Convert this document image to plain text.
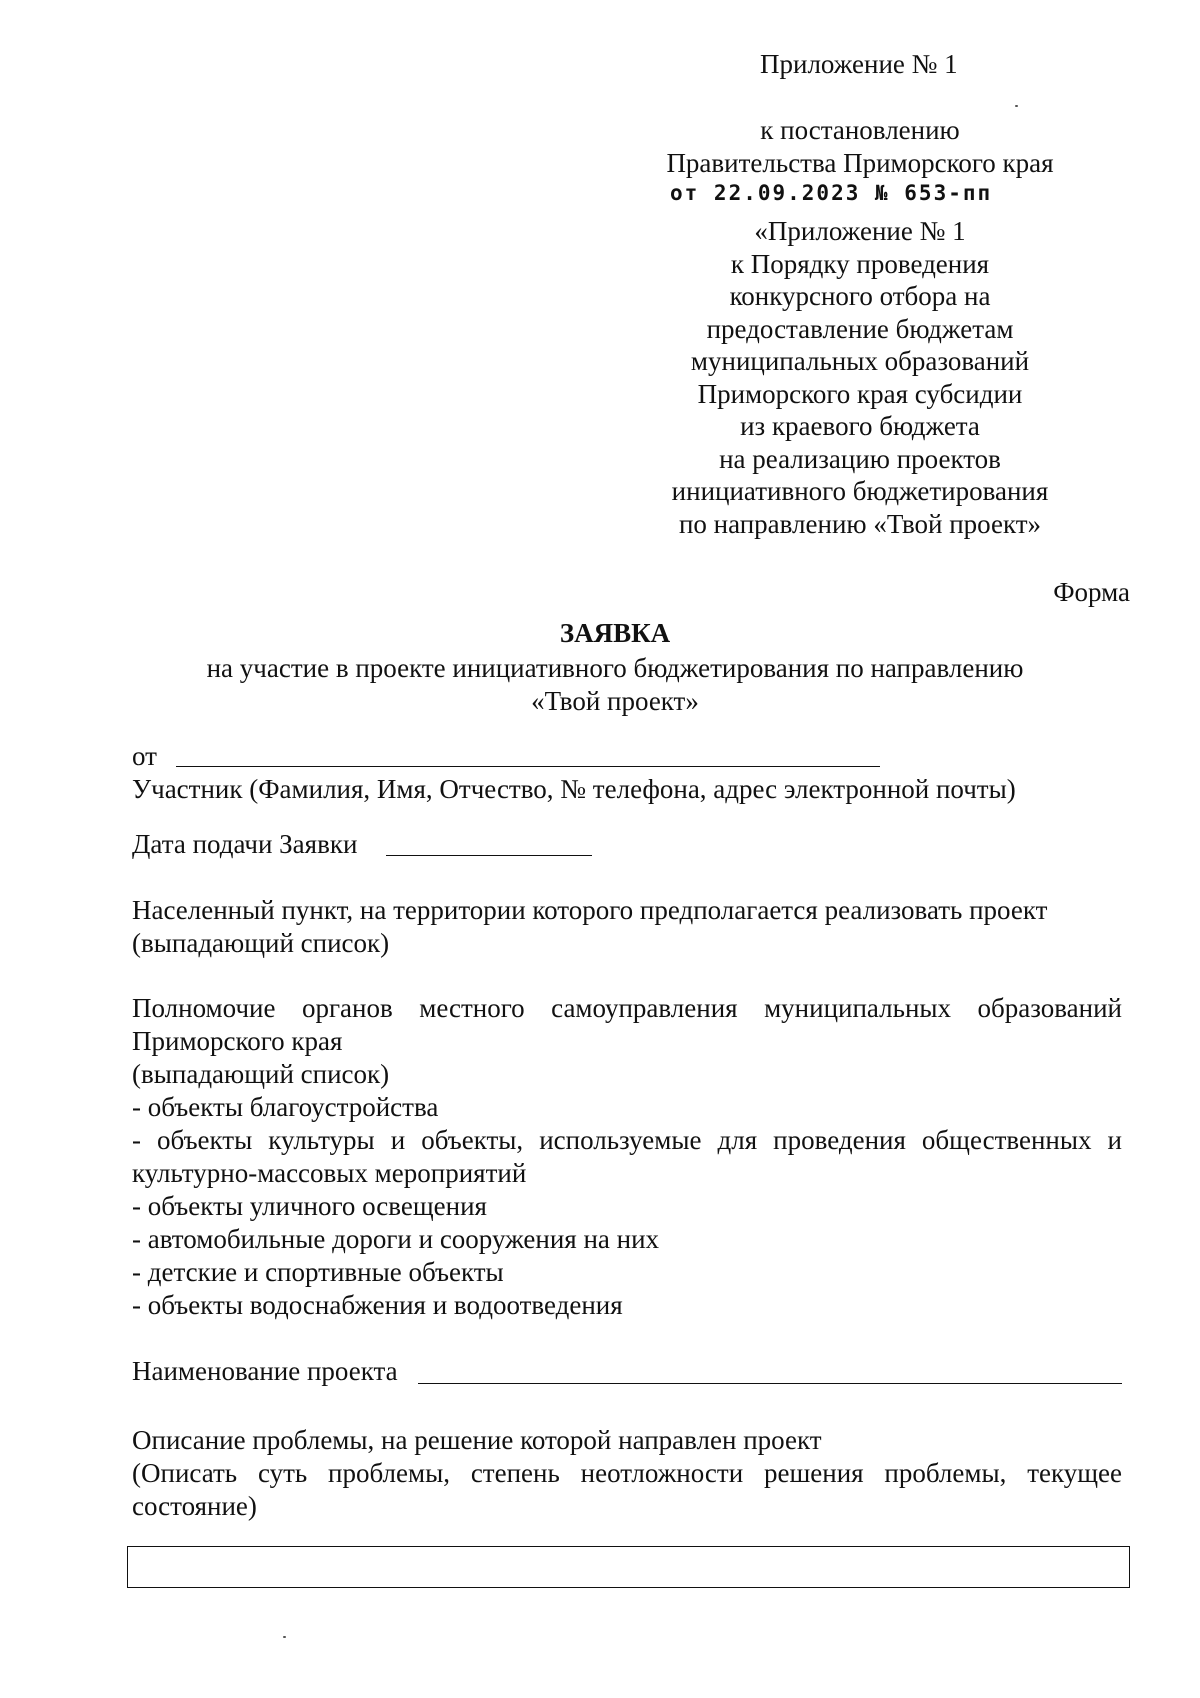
Приложение № 1
к постановлению
Правительства Приморского края
от 22.09.2023 № 653-пп
«Приложение № 1
к Порядку проведения
конкурсного отбора на
предоставление бюджетам
муниципальных образований
Приморского края субсидии
из краевого бюджета
на реализацию проектов
инициативного бюджетирования
по направлению «Твой проект»
Форма
ЗАЯВКА
на участие в проекте инициативного бюджетирования по направлению
«Твой проект»
от
Участник (Фамилия, Имя, Отчество, № телефона, адрес электронной почты)
Дата подачи Заявки
Населенный пункт, на территории которого предполагается реализовать проект
(выпадающий список)
Полномочие органов местного самоуправления муниципальных образований
Приморского края
(выпадающий список)
- объекты благоустройства
- объекты культуры и объекты, используемые для проведения общественных и
культурно-массовых мероприятий
- объекты уличного освещения
- автомобильные дороги и сооружения на них
- детские и спортивные объекты
- объекты водоснабжения и водоотведения
Наименование проекта
Описание проблемы, на решение которой направлен проект
(Описать суть проблемы, степень неотложности решения проблемы, текущее
состояние)
